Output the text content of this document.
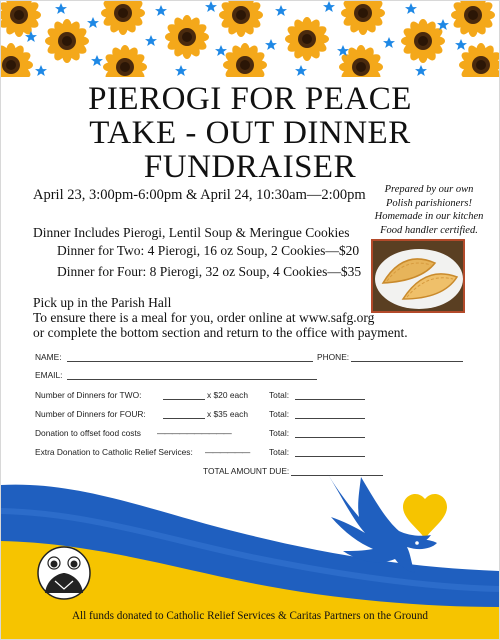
PIEROGI FOR PEACE
TAKE - OUT DINNER
FUNDRAISER
April 23, 3:00pm-6:00pm & April 24, 10:30am—2:00pm	Prepared by our own
Polish parishioners!
Homemade in our kitchen
Food handler certified.
Dinner Includes Pierogi, Lentil Soup & Meringue Cookies
Dinner for Two: 4 Pierogi, 16 oz Soup, 2 Cookies—$20
Dinner for Four: 8 Pierogi, 32 oz Soup, 4 Cookies—$35
Pick up in the Parish Hall
To ensure there is a meal for you, order online at www.safg.org
or complete the bottom section and return to the office with payment.
NAME:	PHONE:
EMAIL:
Number of Dinners for TWO:	x $20 each	Total:
Number of Dinners for FOUR:	x $35 each	Total:
Donation to offset food costs ——————————	Total:
Extra Donation to Catholic Relief Services: —————— Total:
TOTAL AMOUNT DUE:
All funds donated to Catholic Relief Services & Caritas Partners on the Ground
